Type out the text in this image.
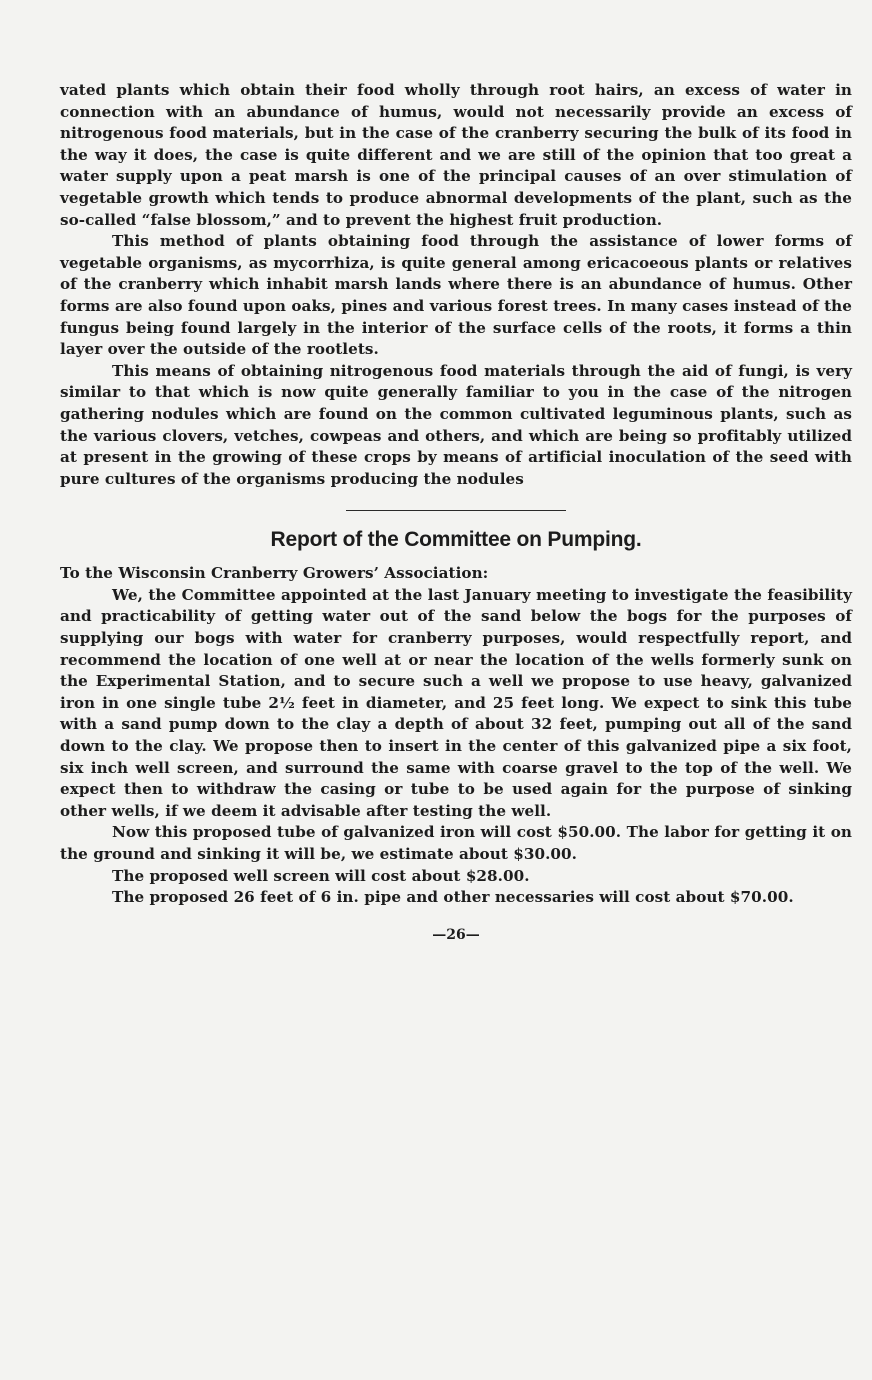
vated plants which obtain their food wholly through root hairs, an excess of water in connection with an abundance of humus, would not necessarily provide an excess of nitrogenous food materials, but in the case of the cranberry securing the bulk of its food in the way it does, the case is quite different and we are still of the opinion that too great a water supply upon a peat marsh is one of the principal causes of an over stimulation of vegetable growth which tends to produce abnormal developments of the plant, such as the so-called “false blossom,” and to prevent the highest fruit production.

This method of plants obtaining food through the assistance of lower forms of vegetable organisms, as mycorrhiza, is quite general among ericacoeous plants or relatives of the cranberry which inhabit marsh lands where there is an abundance of humus. Other forms are also found upon oaks, pines and various forest trees. In many cases instead of the fungus being found largely in the interior of the surface cells of the roots, it forms a thin layer over the outside of the rootlets.

This means of obtaining nitrogenous food materials through the aid of fungi, is very similar to that which is now quite generally familiar to you in the case of the nitrogen gathering nodules which are found on the common cultivated leguminous plants, such as the various clovers, vetches, cowpeas and others, and which are being so profitably utilized at present in the growing of these crops by means of artificial inoculation of the seed with pure cultures of the organisms producing the nodules

Report of the Committee on Pumping.

To the Wisconsin Cranberry Growers’ Association:

We, the Committee appointed at the last January meeting to investigate the feasibility and practicability of getting water out of the sand below the bogs for the purposes of supplying our bogs with water for cranberry purposes, would respectfully report, and recommend the location of one well at or near the location of the wells formerly sunk on the Experimental Station, and to secure such a well we propose to use heavy, galvanized iron in one single tube 2½ feet in diameter, and 25 feet long. We expect to sink this tube with a sand pump down to the clay a depth of about 32 feet, pumping out all of the sand down to the clay. We propose then to insert in the center of this galvanized pipe a six foot, six inch well screen, and surround the same with coarse gravel to the top of the well. We expect then to withdraw the casing or tube to be used again for the purpose of sinking other wells, if we deem it advisable after testing the well.

Now this proposed tube of galvanized iron will cost $50.00. The labor for getting it on the ground and sinking it will be, we estimate about $30.00.

The proposed well screen will cost about $28.00.

The proposed 26 feet of 6 in. pipe and other necessaries will cost about $70.00.

—26—
